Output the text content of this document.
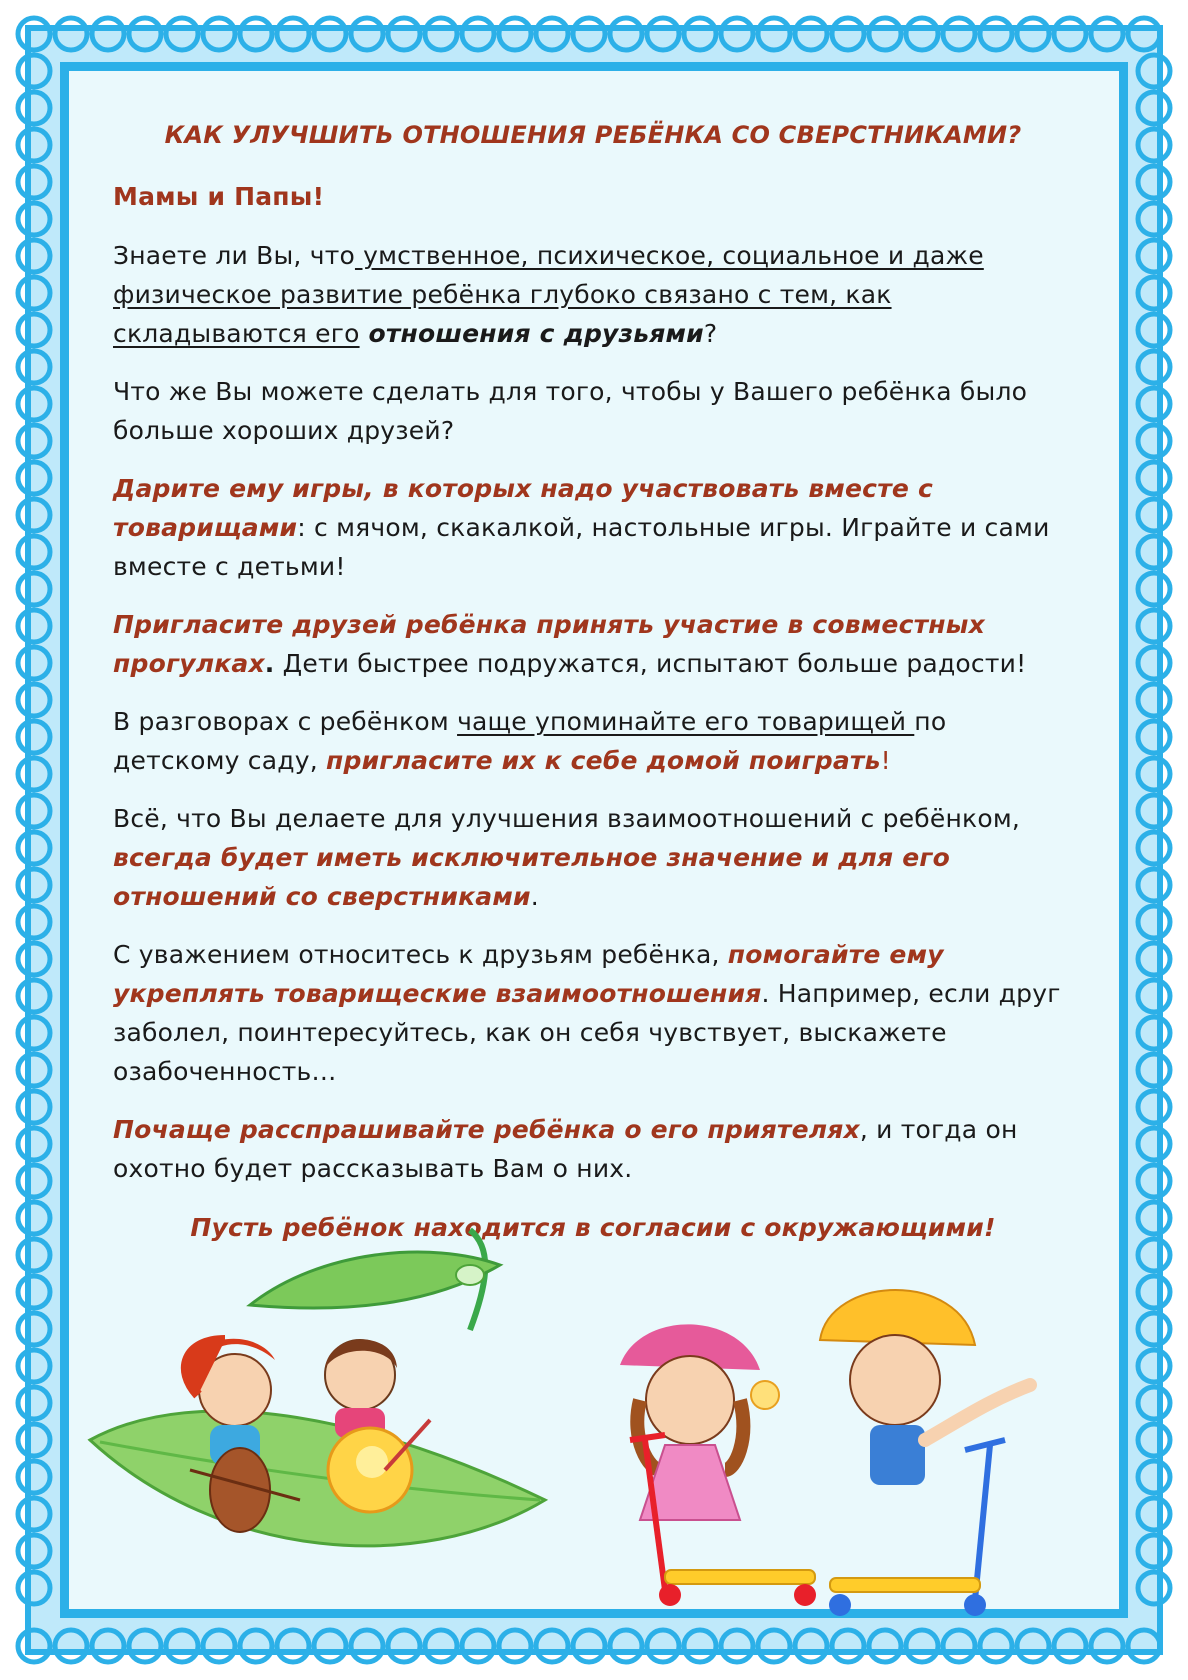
КАК УЛУЧШИТЬ ОТНОШЕНИЯ РЕБЁНКА СО СВЕРСТНИКАМИ?
Мамы и Папы!

Знаете ли Вы, что умственное, психическое, социальное и даже физическое развитие ребёнка глубоко связано с тем, как складываются его отношения с друзьями?

Что же Вы можете сделать для того, чтобы у Вашего ребёнка было больше хороших друзей?

Дарите ему игры, в которых надо участвовать вместе с товарищами: с мячом, скакалкой, настольные игры. Играйте и сами вместе с детьми!

Пригласите друзей ребёнка принять участие в совместных прогулках. Дети быстрее подружатся, испытают больше радости!

В разговорах с ребёнком чаще упоминайте его товарищей по детскому саду, пригласите их к себе домой поиграть!

Всё, что Вы делаете для улучшения взаимоотношений с ребёнком, всегда будет иметь исключительное значение и для его отношений со сверстниками.

С уважением относитесь к друзьям ребёнка, помогайте ему укреплять товарищеские взаимоотношения. Например, если друг заболел, поинтересуйтесь, как он себя чувствует, выскажете озабоченность…

Почаще расспрашивайте ребёнка о его приятелях, и тогда он охотно будет рассказывать Вам о них.

Пусть ребёнок находится в согласии с окружающими!
